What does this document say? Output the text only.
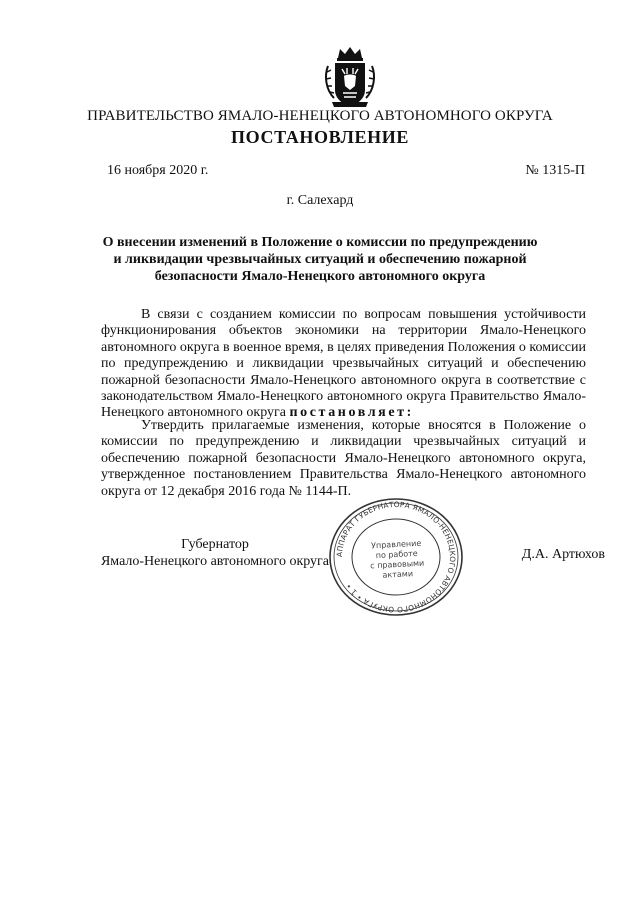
ПРАВИТЕЛЬСТВО ЯМАЛО-НЕНЕЦКОГО АВТОНОМНОГО ОКРУГА
ПОСТАНОВЛЕНИЕ
16 ноября 2020 г.	№ 1315-П
г. Салехард
О внесении изменений в Положение о комиссии по предупреждению
и ликвидации чрезвычайных ситуаций и обеспечению пожарной
безопасности Ямало-Ненецкого автономного округа

В связи с созданием комиссии по вопросам повышения устойчивости функционирования объектов экономики на территории Ямало-Ненецкого автономного округа в военное время, в целях приведения Положения о комиссии по предупреждению и ликвидации чрезвычайных ситуаций и обеспечению пожарной безопасности Ямало-Ненецкого автономного округа в соответствие с законодательством Ямало-Ненецкого автономного округа Правительство Ямало-Ненецкого автономного округа постановляет:

Утвердить прилагаемые изменения, которые вносятся в Положение о комиссии по предупреждению и ликвидации чрезвычайных ситуаций и обеспечению пожарной безопасности Ямало-Ненецкого автономного округа, утвержденное постановлением Правительства Ямало-Ненецкого автономного округа от 12 декабря 2016 года № 1144-П.

Губернатор
Ямало-Ненецкого автономного округа АППАРАТ ГУБЕРНАТОРА ЯМАЛО-НЕНЕЦКОГО АВТОНОМНОГО ОКРУГА • 1 •
Управление
по работе
с правовыми
актами
Д.А. Артюхов
